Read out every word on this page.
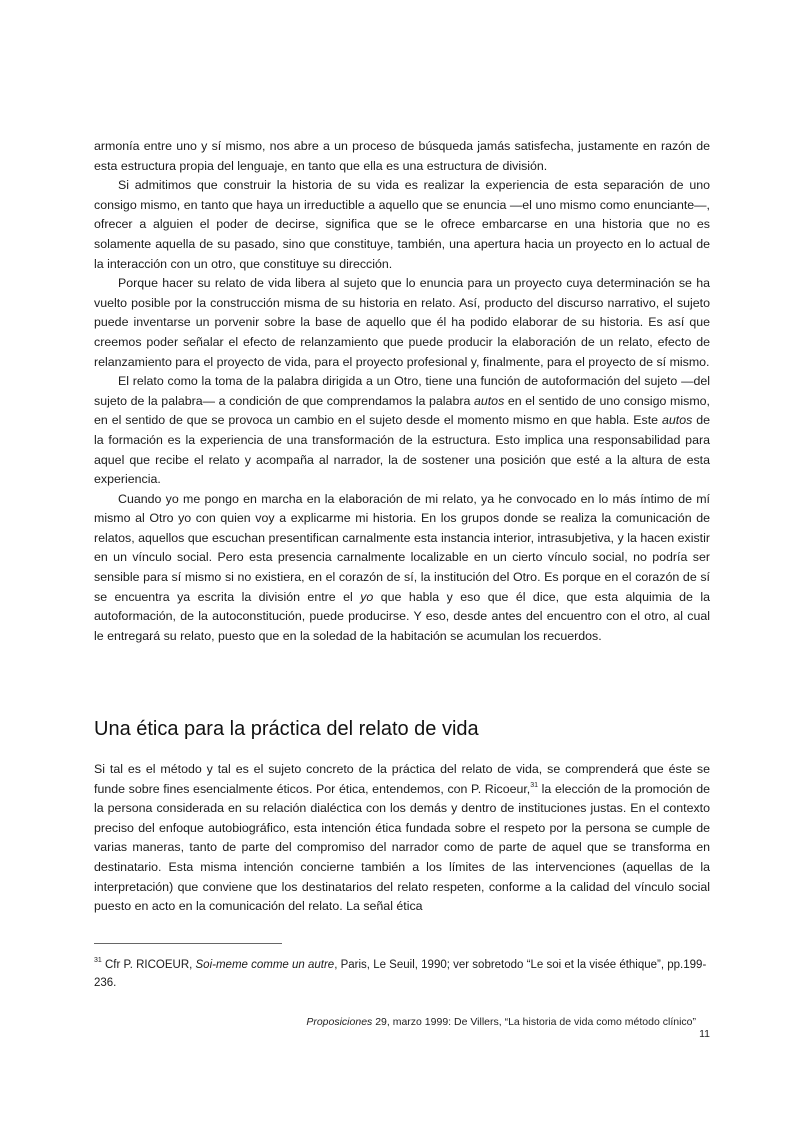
armonía entre uno y sí mismo, nos abre a un proceso de búsqueda jamás satisfecha, justamente en razón de esta estructura propia del lenguaje, en tanto que ella es una estructura de división.

Si admitimos que construir la historia de su vida es realizar la experiencia de esta separación de uno consigo mismo, en tanto que haya un irreductible a aquello que se enuncia —el uno mismo como enunciante—, ofrecer a alguien el poder de decirse, significa que se le ofrece embarcarse en una historia que no es solamente aquella de su pasado, sino que constituye, también, una apertura hacia un proyecto en lo actual de la interacción con un otro, que constituye su dirección.

Porque hacer su relato de vida libera al sujeto que lo enuncia para un proyecto cuya determinación se ha vuelto posible por la construcción misma de su historia en relato. Así, producto del discurso narrativo, el sujeto puede inventarse un porvenir sobre la base de aquello que él ha podido elaborar de su historia. Es así que creemos poder señalar el efecto de relanzamiento que puede producir la elaboración de un relato, efecto de relanzamiento para el proyecto de vida, para el proyecto profesional y, finalmente, para el proyecto de sí mismo.

El relato como la toma de la palabra dirigida a un Otro, tiene una función de autoformación del sujeto —del sujeto de la palabra— a condición de que comprendamos la palabra autos en el sentido de uno consigo mismo, en el sentido de que se provoca un cambio en el sujeto desde el momento mismo en que habla. Este autos de la formación es la experiencia de una transformación de la estructura. Esto implica una responsabilidad para aquel que recibe el relato y acompaña al narrador, la de sostener una posición que esté a la altura de esta experiencia.

Cuando yo me pongo en marcha en la elaboración de mi relato, ya he convocado en lo más íntimo de mí mismo al Otro yo con quien voy a explicarme mi historia. En los grupos donde se realiza la comunicación de relatos, aquellos que escuchan presentifican carnalmente esta instancia interior, intrasubjetiva, y la hacen existir en un vínculo social. Pero esta presencia carnalmente localizable en un cierto vínculo social, no podría ser sensible para sí mismo si no existiera, en el corazón de sí, la institución del Otro. Es porque en el corazón de sí se encuentra ya escrita la división entre el yo que habla y eso que él dice, que esta alquimia de la autoformación, de la autoconstitución, puede producirse. Y eso, desde antes del encuentro con el otro, al cual le entregará su relato, puesto que en la soledad de la habitación se acumulan los recuerdos.

Una ética para la práctica del relato de vida

Si tal es el método y tal es el sujeto concreto de la práctica del relato de vida, se comprenderá que éste se funde sobre fines esencialmente éticos. Por ética, entendemos, con P. Ricoeur,$^{31}$ la elección de la promoción de la persona considerada en su relación dialéctica con los demás y dentro de instituciones justas. En el contexto preciso del enfoque autobiográfico, esta intención ética fundada sobre el respeto por la persona se cumple de varias maneras, tanto de parte del compromiso del narrador como de parte de aquel que se transforma en destinatario. Esta misma intención concierne también a los límites de las intervenciones (aquellas de la interpretación) que conviene que los destinatarios del relato respeten, conforme a la calidad del vínculo social puesto en acto en la comunicación del relato. La señal ética

$^{31}$ Cfr P. RICOEUR, Soi-meme comme un autre, Paris, Le Seuil, 1990; ver sobretodo “Le soi et la visée éthique”, pp.199-236.
Proposiciones 29, marzo 1999: De Villers, “La historia de vida como método clínico”11
